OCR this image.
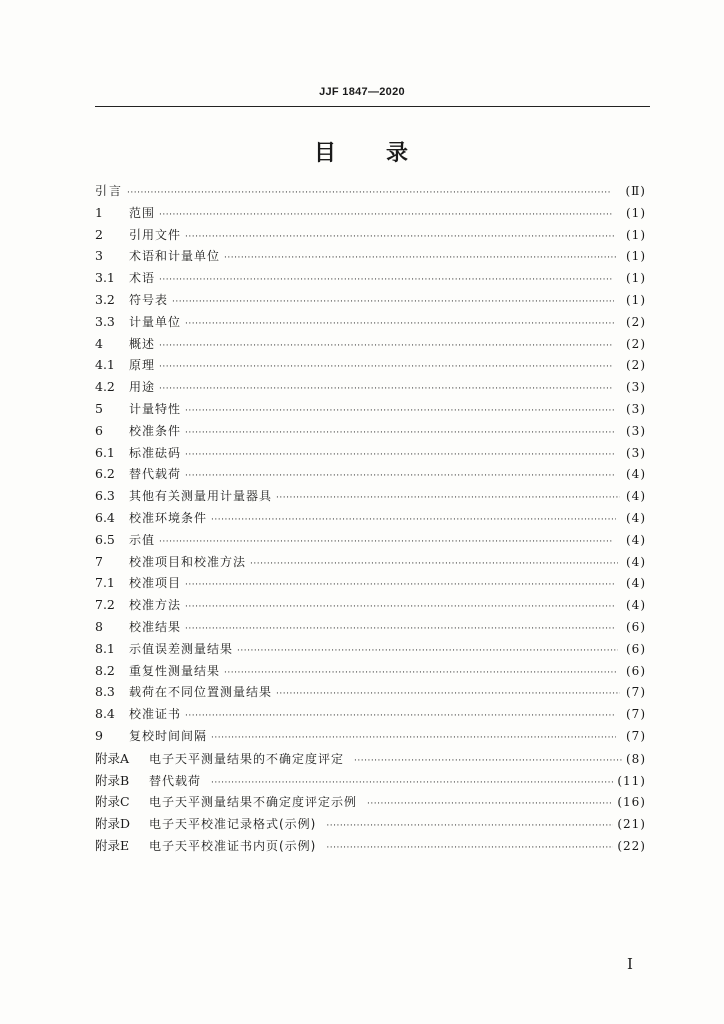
JJF 1847—2020
目 录
引言 ·····	(Ⅱ)
1	范围 ·····	(1)
2	引用文件 ·····	(1)
3	术语和计量单位 ·····	(1)
3.1 术语 ·····	(1)
3.2 符号表 ·····	(1)
3.3 计量单位 ·····	(2)
4	概述 ·····	(2)
4.1 原理 ·····	(2)
4.2 用途 ·····	(3)
5	计量特性 ·····	(3)
6	校准条件 ·····	(3)
6.1 标准砝码 ·····	(3)
6.2 替代载荷 ·····	(4)
6.3 其他有关测量用计量器具 ·····	(4)
6.4 校准环境条件 ·····	(4)
6.5 示值 ·····	(4)
7	校准项目和校准方法 ·····	(4)
7.1 校准项目 ·····	(4)
7.2 校准方法 ·····	(4)
8	校准结果 ·····	(6)
8.1 示值误差测量结果 ·····	(6)
8.2 重复性测量结果 ·····	(6)
8.3 载荷在不同位置测量结果 ·····	(7)
8.4 校准证书 ·····	(7)
9	复校时间间隔 ·····	(7)
附录A	电子天平测量结果的不确定度评定 ·····	(8)
附录B	替代载荷 ·····	(11)
附录C	电子天平测量结果不确定度评定示例 ·····	(16)
附录D	电子天平校准记录格式(示例) ·····	(21)
附录E	电子天平校准证书内页(示例) ·····	(22)
I
